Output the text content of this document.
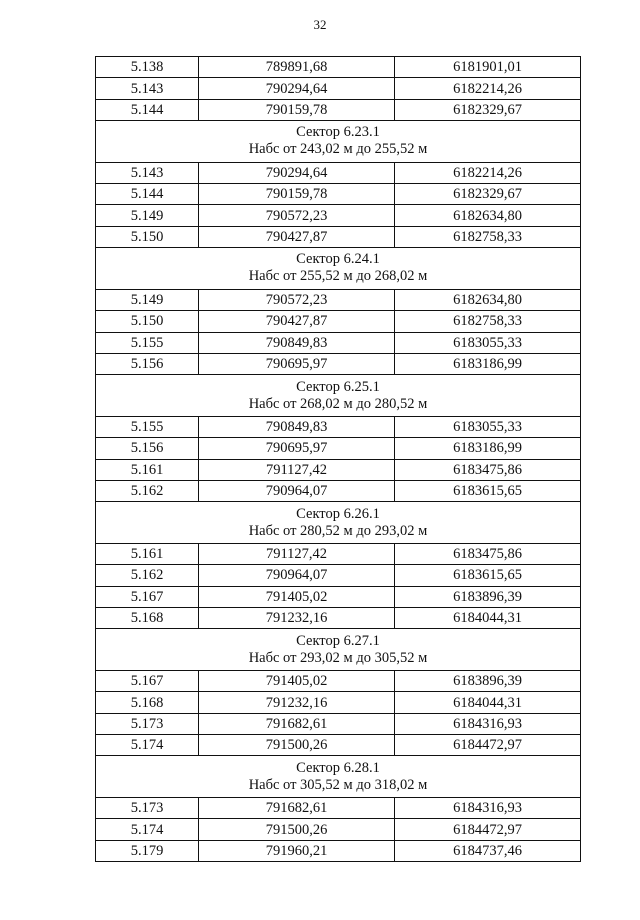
32
5.138	789891,68	6181901,01
5.143	790294,64	6182214,26
5.144	790159,78	6182329,67

Сектор 6.23.1
Набс от 243,02 м до 255,52 м		

5.143	790294,64	6182214,26
5.144	790159,78	6182329,67
5.149	790572,23	6182634,80
5.150	790427,87	6182758,33

Сектор 6.24.1
Набс от 255,52 м до 268,02 м		

5.149	790572,23	6182634,80
5.150	790427,87	6182758,33
5.155	790849,83	6183055,33
5.156	790695,97	6183186,99

Сектор 6.25.1
Набс от 268,02 м до 280,52 м		

5.155	790849,83	6183055,33
5.156	790695,97	6183186,99
5.161	791127,42	6183475,86
5.162	790964,07	6183615,65

Сектор 6.26.1
Набс от 280,52 м до 293,02 м		

5.161	791127,42	6183475,86
5.162	790964,07	6183615,65
5.167	791405,02	6183896,39
5.168	791232,16	6184044,31

Сектор 6.27.1
Набс от 293,02 м до 305,52 м		

5.167	791405,02	6183896,39
5.168	791232,16	6184044,31
5.173	791682,61	6184316,93
5.174	791500,26	6184472,97

Сектор 6.28.1
Набс от 305,52 м до 318,02 м		

5.173	791682,61	6184316,93
5.174	791500,26	6184472,97
5.179	791960,21	6184737,46
